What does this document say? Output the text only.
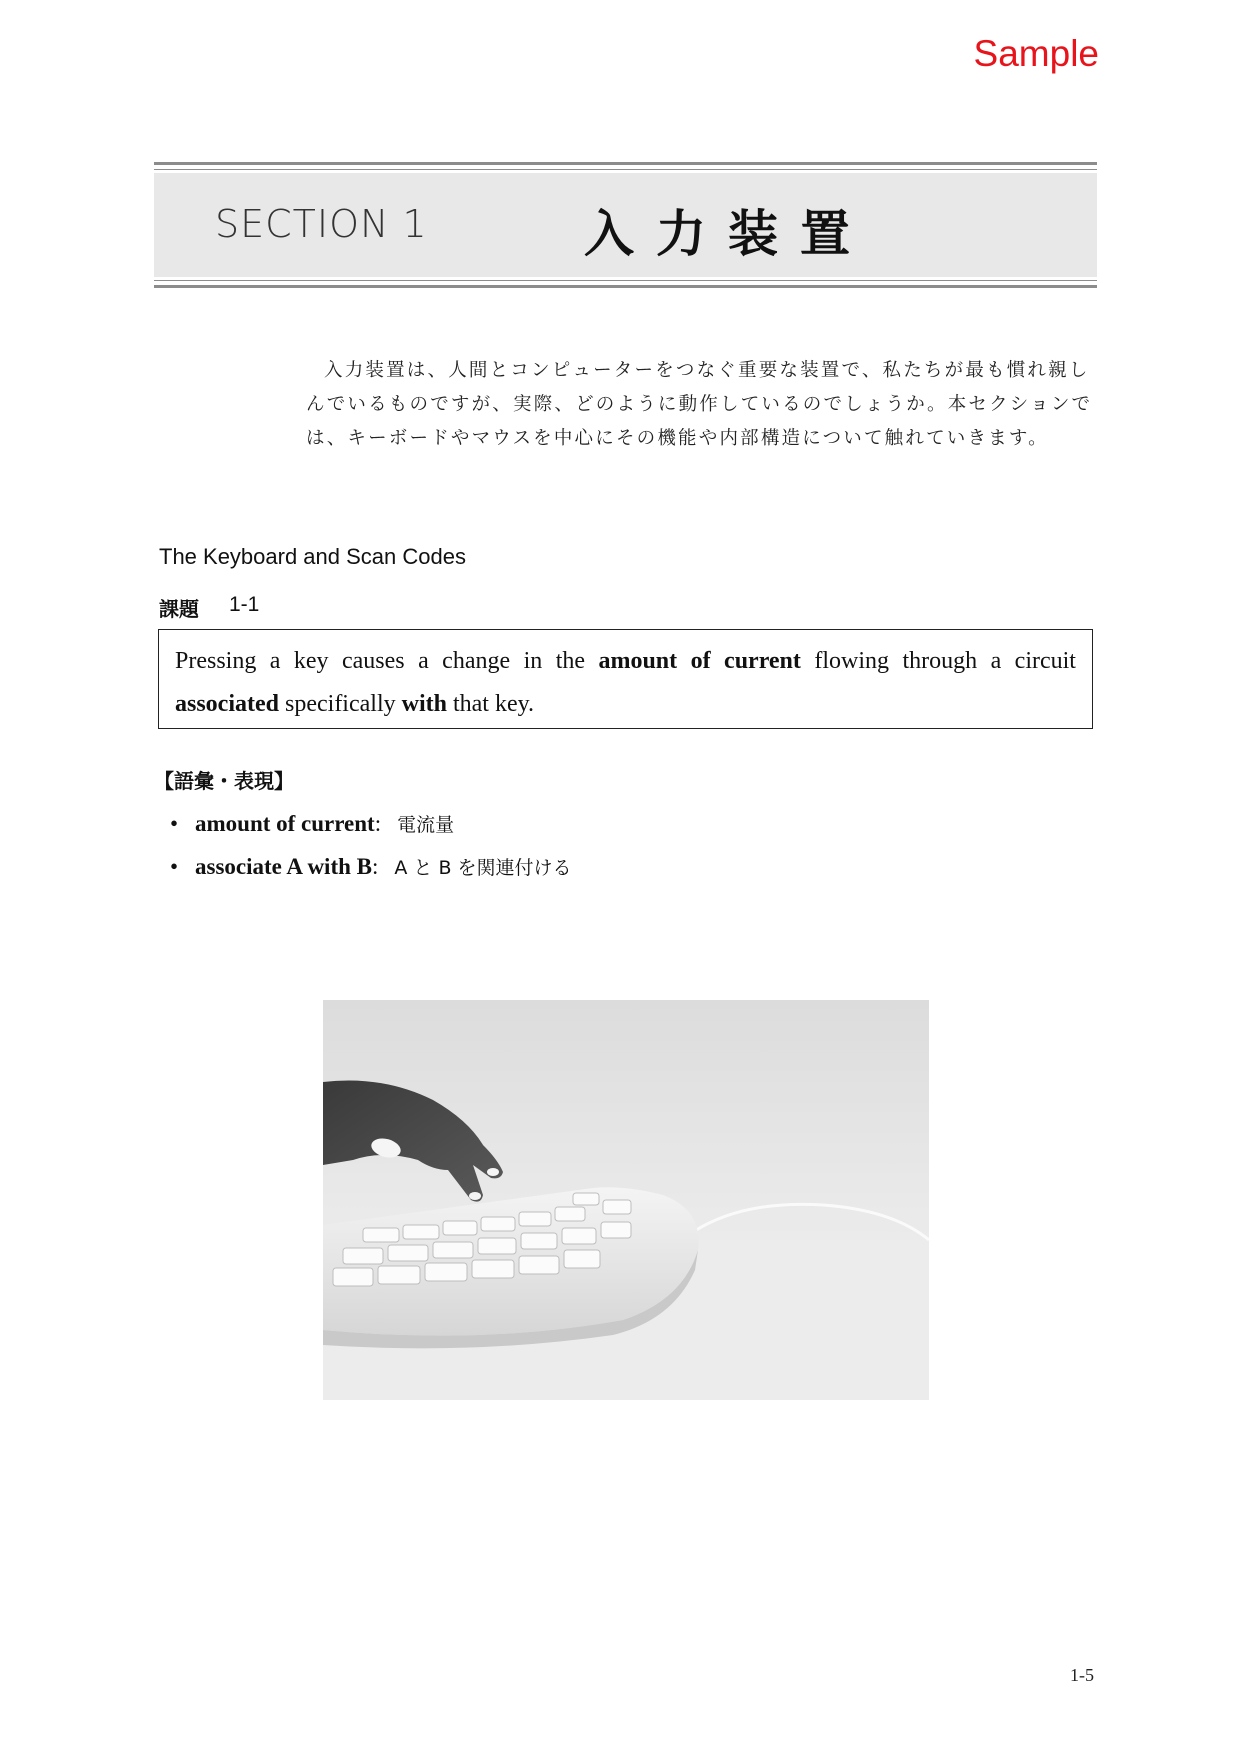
Sample
SECTION 1	入力装置

入力装置は、人間とコンピューターをつなぐ重要な装置で、私たちが最も慣れ親しんでいるものですが、実際、どのように動作しているのでしょうか。本セクションでは、キーボードやマウスを中心にその機能や内部構造について触れていきます。

The Keyboard and Scan Codes
課題 1-1
Pressing a key causes a change in the amount of current flowing through a circuit associated specifically with that key.
【語彙・表現】
• amount of current: 電流量
• associate A with B: A と B を関連付ける
1-5
